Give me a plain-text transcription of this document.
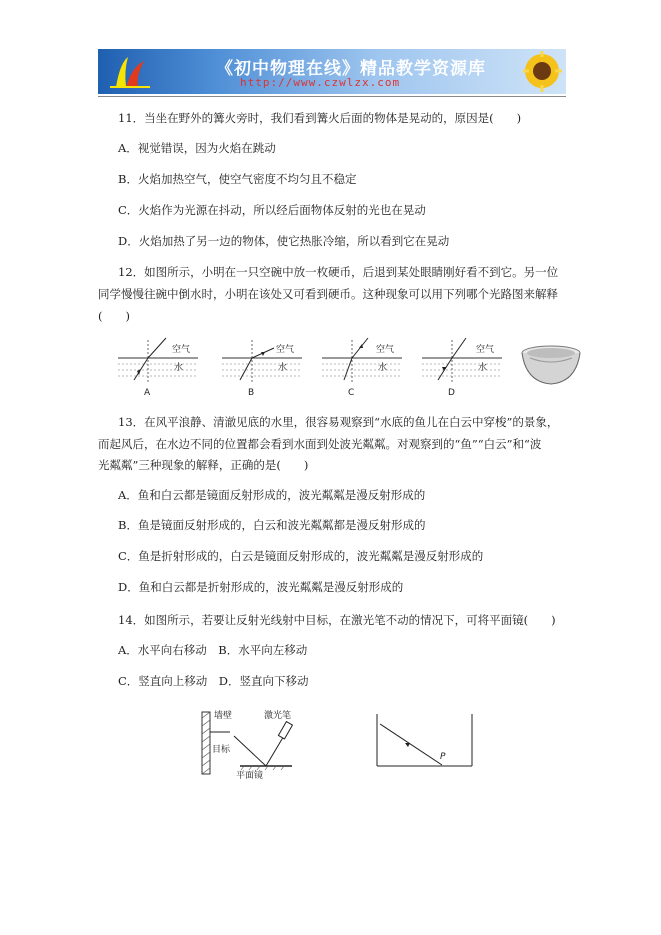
《初中物理在线》精品教学资源库
http://www.czwlzx.com
11．当坐在野外的篝火旁时，我们看到篝火后面的物体是晃动的，原因是(　　)
A．视觉错误，因为火焰在跳动
B．火焰加热空气，使空气密度不均匀且不稳定
C．火焰作为光源在抖动，所以经后面物体反射的光也在晃动
D．火焰加热了另一边的物体，使它热胀冷缩，所以看到它在晃动
12．如图所示，小明在一只空碗中放一枚硬币，后退到某处眼睛刚好看不到它。另一位
同学慢慢往碗中倒水时，小明在该处又可看到硬币。这种现象可以用下列哪个光路图来解释
(　　)
空气
水
A
空气
水
B
空气
水
C
空气
水
D
13．在风平浪静、清澈见底的水里，很容易观察到“水底的鱼儿在白云中穿梭”的景象，
而起风后，在水边不同的位置都会看到水面到处波光粼粼。对观察到的“鱼”“白云”和“波
光粼粼”三种现象的解释，正确的是(　　)
A．鱼和白云都是镜面反射形成的，波光粼粼是漫反射形成的
B．鱼是镜面反射形成的，白云和波光粼粼都是漫反射形成的
C．鱼是折射形成的，白云是镜面反射形成的，波光粼粼是漫反射形成的
D．鱼和白云都是折射形成的，波光粼粼是漫反射形成的
14．如图所示，若要让反射光线射中目标，在激光笔不动的情况下，可将平面镜(　　)
A．水平向右移动　B．水平向左移动
C．竖直向上移动　D．竖直向下移动
墙壁	激光笔
目标
平面镜
P
